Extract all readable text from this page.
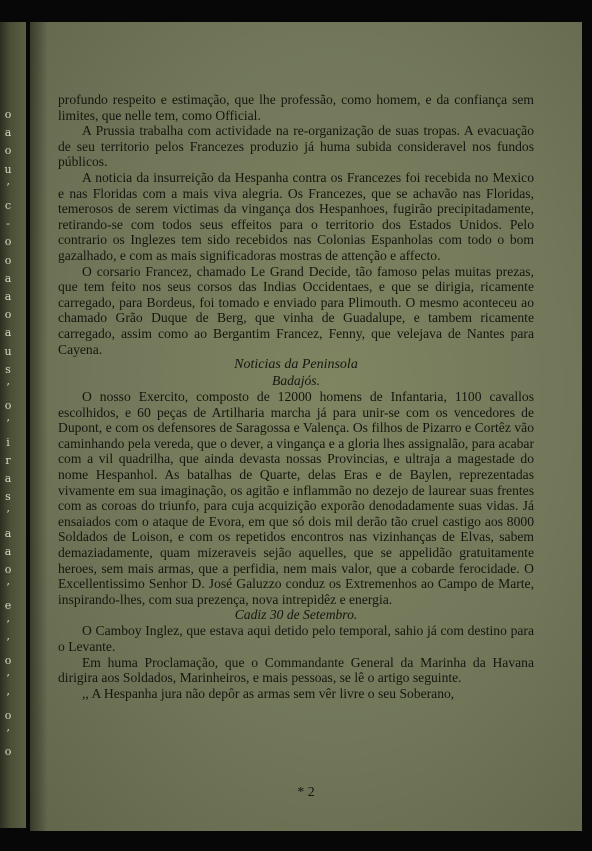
o
a
o
u
’
c
-
o
o
a
a
o
a
u
s
’
o
’
i
r
a
s
’
a
a
o
’
e
’
’
o
’
’
o
’
o

profundo respeito e estimação, que lhe professão, como homem, e da confiança sem limites, que nelle tem, como Official.

A Prussia trabalha com actividade na re-organização de suas tropas. A evacuação de seu territorio pelos Francezes produzio já huma subida consideravel nos fundos públicos.

A noticia da insurreição da Hespanha contra os Francezes foi recebida no Mexico e nas Floridas com a mais viva alegria. Os Francezes, que se achavão nas Floridas, temerosos de serem victimas da vingança dos Hespanhoes, fugirão precipitadamente, retirando-se com todos seus effeitos para o territorio dos Estados Unidos. Pelo contrario os Inglezes tem sido recebidos nas Colonias Espanholas com todo o bom gazalhado, e com as mais significadoras mostras de attenção e affecto.

O corsario Francez, chamado Le Grand Decide, tão famoso pelas muitas prezas, que tem feito nos seus corsos das Indias Occidentaes, e que se dirigia, ricamente carregado, para Bordeus, foi tomado e enviado para Plimouth. O mesmo aconteceu ao chamado Grão Duque de Berg, que vinha de Guadalupe, e tambem ricamente carregado, assim como ao Bergantim Francez, Fenny, que velejava de Nantes para Cayena.

Noticias da Peninsola
Badajós.

O nosso Exercito, composto de 12000 homens de Infantaria, 1100 cavallos escolhidos, e 60 peças de Artilharia marcha já para unir-se com os vencedores de Dupont, e com os defensores de Saragossa e Valença. Os filhos de Pizarro e Cortêz vão caminhando pela vereda, que o dever, a vingança e a gloria lhes assignalão, para acabar com a vil quadrilha, que ainda devasta nossas Provincias, e ultraja a magestade do nome Hespanhol. As batalhas de Quarte, delas Eras e de Baylen, reprezentadas vivamente em sua imaginação, os agitão e inflammão no dezejo de laurear suas frentes com as coroas do triunfo, para cuja acquizição exporão denodadamente suas vidas. Já ensaiados com o ataque de Evora, em que só dois mil derão tão cruel castigo aos 8000 Soldados de Loison, e com os repetidos encontros nas vizinhanças de Elvas, sabem demaziadamente, quam mizeraveis sejão aquelles, que se appelidão gratuitamente heroes, sem mais armas, que a perfidia, nem mais valor, que a cobarde ferocidade. O Excellentissimo Senhor D. José Galuzzo conduz os Extremenhos ao Campo de Marte, inspirando-lhes, com sua prezença, nova intrepidêz e energia.

Cadiz 30 de Setembro.

O Camboy Inglez, que estava aqui detido pelo temporal, sahio já com destino para o Levante.

Em huma Proclamação, que o Commandante General da Marinha da Havana dirigira aos Soldados, Marinheiros, e mais pessoas, se lê o artigo seguinte.

,, A Hespanha jura não depôr as armas sem vêr livre o seu Soberano,

* 2
